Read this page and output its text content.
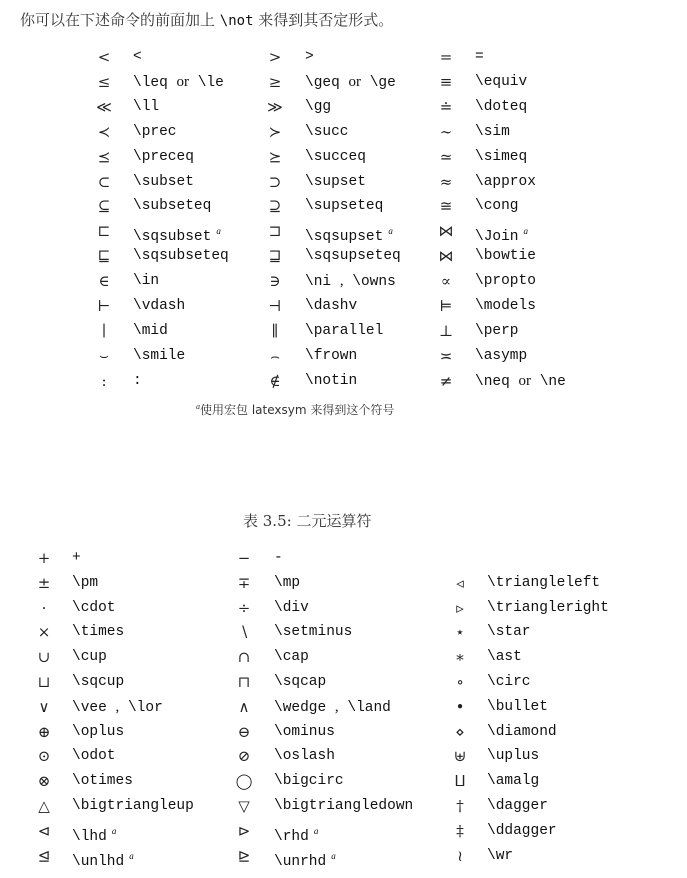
你可以在下述命令的前面加上 \not 来得到其否定形式。
<	<	>	>	=	=
≤	\leq or \le	≥	\geq or \ge	≡	\equiv
≪ \ll	≫ \gg	≐	\doteq
≺	\prec	≻	\succ	∼	\sim
⪯	\preceq	⪰	\succeq	≃	\simeq
⊂	\subset	⊃	\supset	≈	\approx
⊆	\subseteq	⊇	\supseteq	≅	\cong
⊏	\sqsubset $^a$	⊐	\sqsupset $^a$	⋈	\Join $^a$
⊑	\sqsubseteq	⊒	\sqsupseteq	⋈	\bowtie
∈	\in	∋	\ni , \owns	∝	\propto
⊢	\vdash	⊣	\dashv	⊨	\models
∣	\mid	∥	\parallel	⊥	\perp
⌣	\smile	⌢	\frown	≍	\asymp
:	:	∉	\notin	≠	\neq or \ne
$^a$使用宏包 latexsym 来得到这个符号
表 3.5: 二元运算符
+	+	−	-
±	\pm	∓	\mp	◃	\triangleleft
·	\cdot	÷	\div	▹	\triangleright
×	\times	∖	\setminus	⋆	\star
∪	\cup	∩	\cap	∗	\ast
⊔	\sqcup	⊓	\sqcap	∘	\circ
∨	\vee , \lor	∧	\wedge , \land	•	\bullet
⊕	\oplus	⊖	\ominus	⋄	\diamond
⊙	\odot	⊘	\oslash	⊎	\uplus
⊗	\otimes	◯ \bigcirc	⨿	\amalg
△	\bigtriangleup	▽	\bigtriangledown	†	\dagger
⊲	\lhd $^a$	⊳	\rhd $^a$	‡	\ddagger
⊴	\unlhd $^a$	⊵	\unrhd $^a$	≀	\wr
